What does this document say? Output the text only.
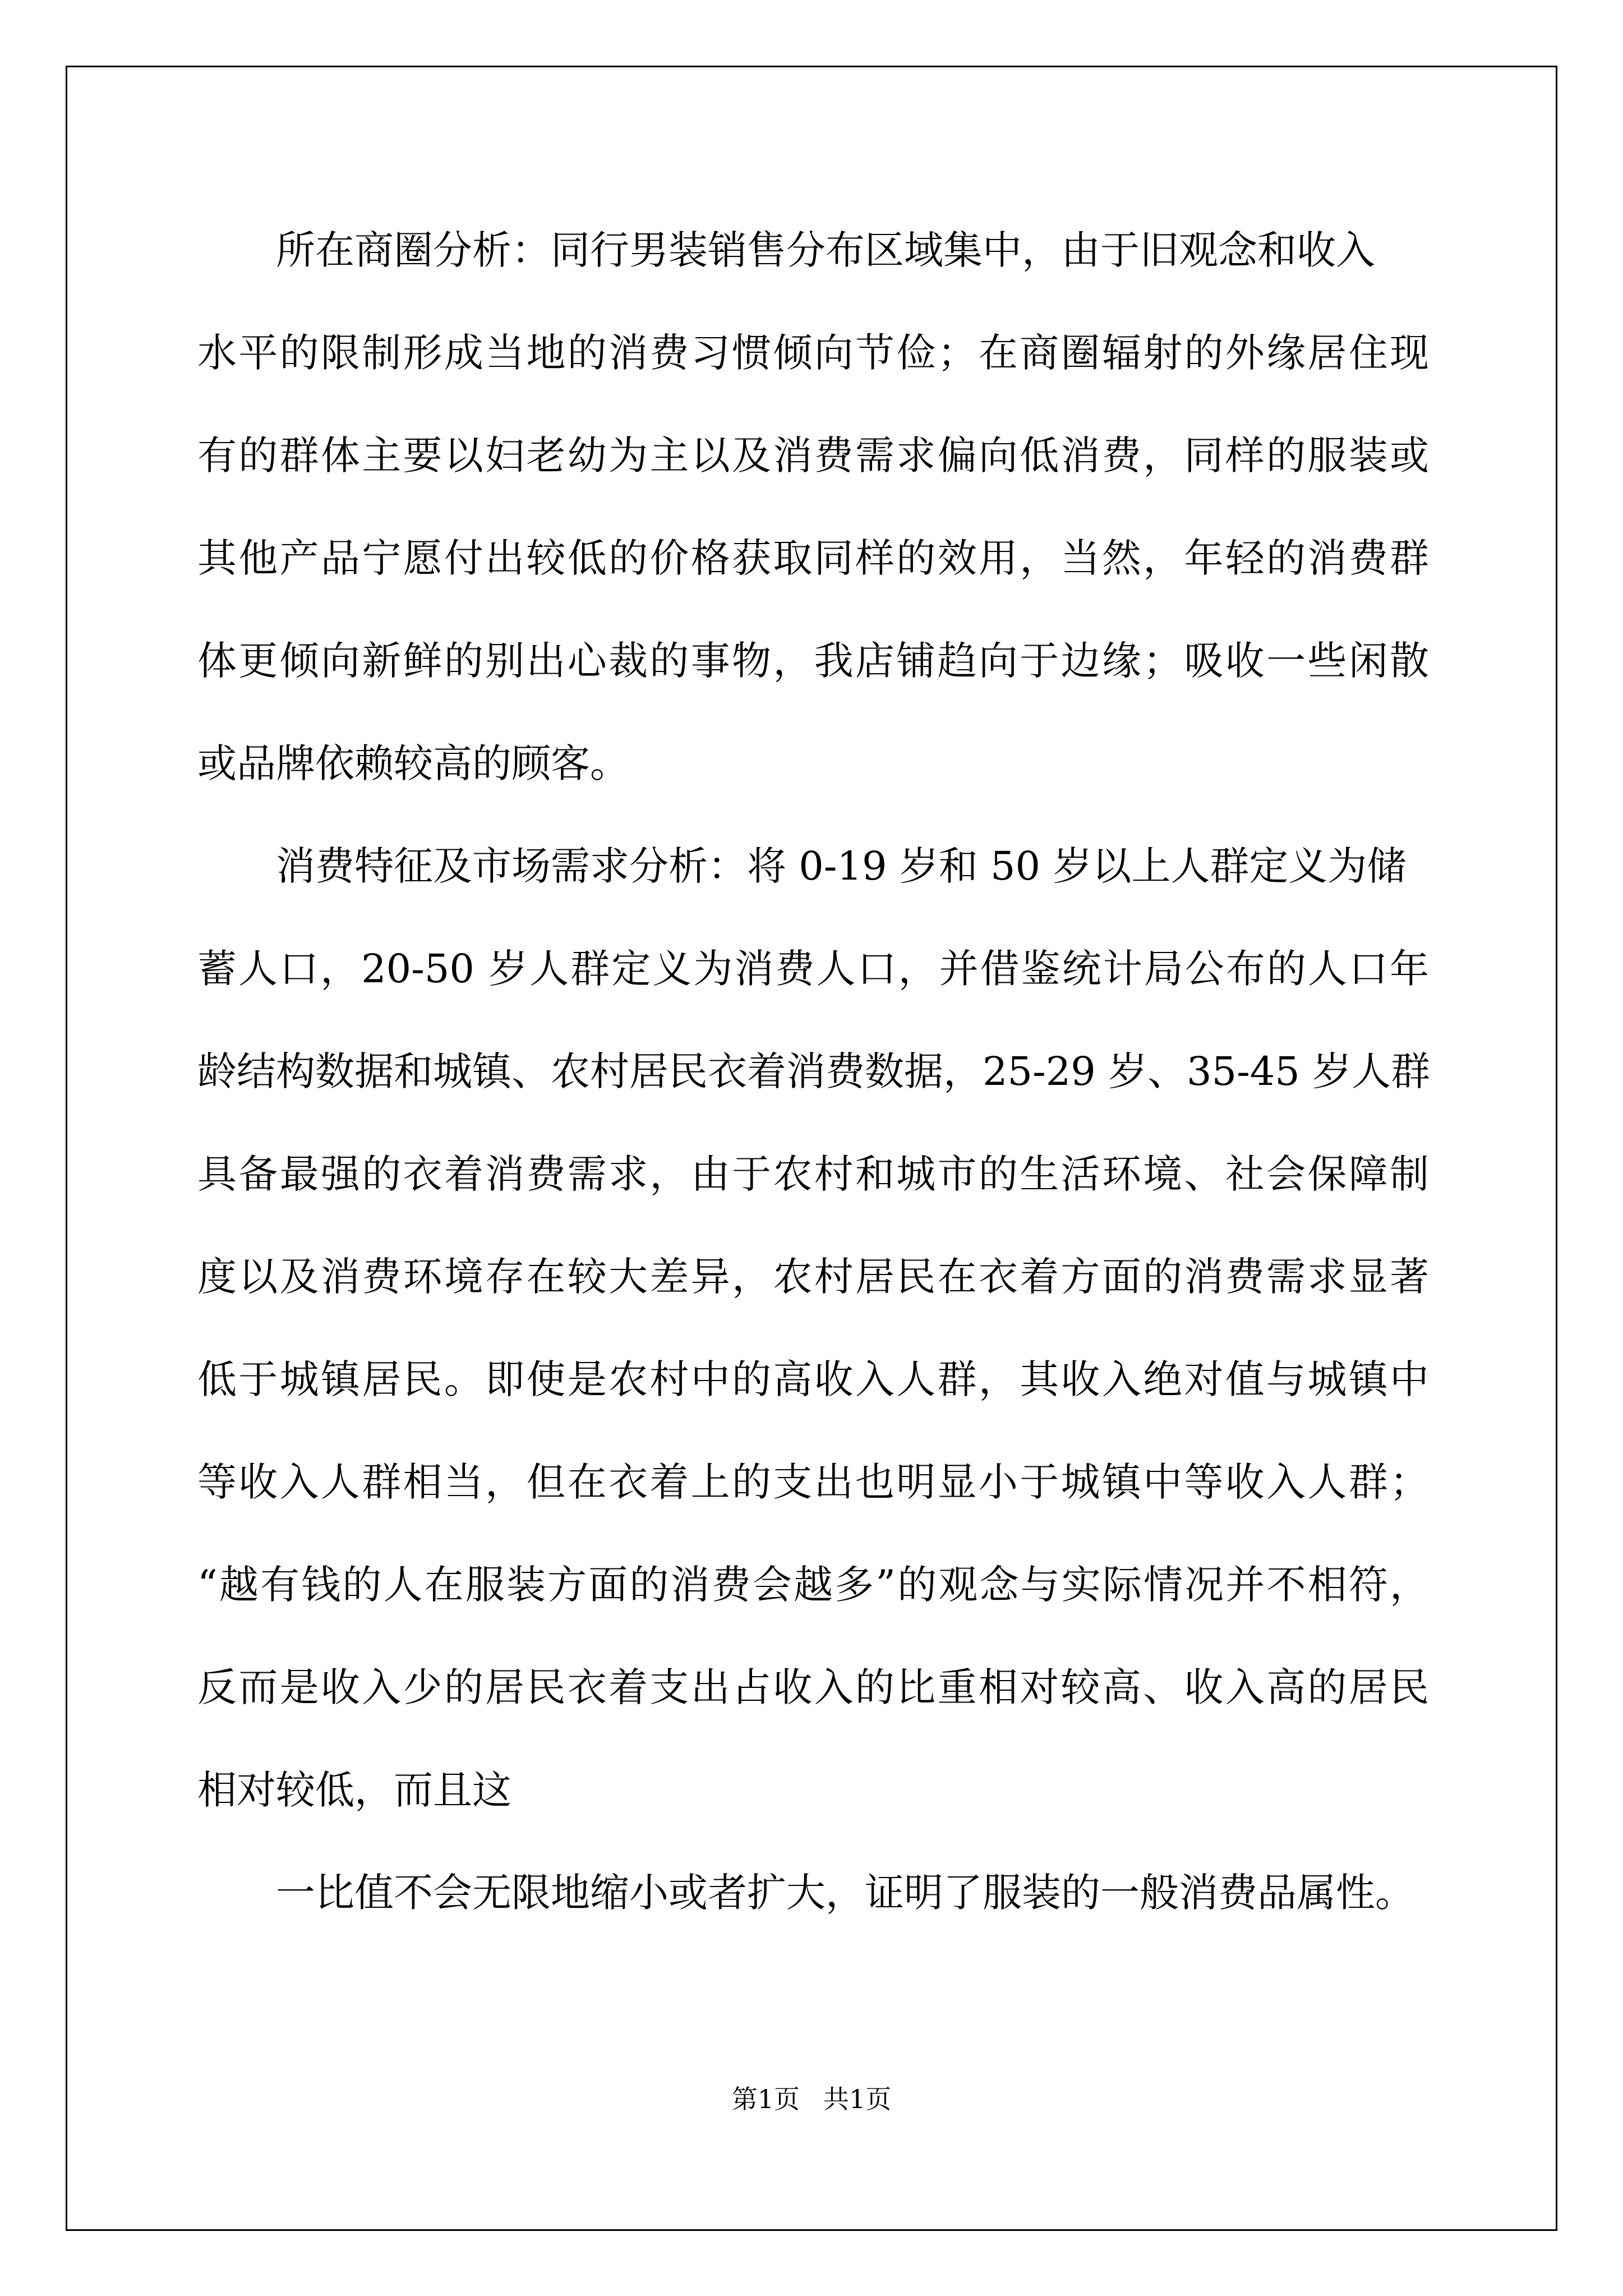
所在商圈分析：同行男装销售分布区域集中，由于旧观念和收入
水平的限制形成当地的消费习惯倾向节俭；在商圈辐射的外缘居住现
有的群体主要以妇老幼为主以及消费需求偏向低消费，同样的服装或
其他产品宁愿付出较低的价格获取同样的效用，当然，年轻的消费群
体更倾向新鲜的别出心裁的事物，我店铺趋向于边缘；吸收一些闲散
或品牌依赖较高的顾客。
消费特征及市场需求分析：将 0-19 岁和 50 岁以上人群定义为储
蓄人口，20-50 岁人群定义为消费人口，并借鉴统计局公布的人口年
龄结构数据和城镇、农村居民衣着消费数据，25-29 岁、35-45 岁人群
具备最强的衣着消费需求，由于农村和城市的生活环境、社会保障制
度以及消费环境存在较大差异，农村居民在衣着方面的消费需求显著
低于城镇居民。即使是农村中的高收入人群，其收入绝对值与城镇中
等收入人群相当，但在衣着上的支出也明显小于城镇中等收入人群；
“越有钱的人在服装方面的消费会越多”的观念与实际情况并不相符，
反而是收入少的居民衣着支出占收入的比重相对较高、收入高的居民
相对较低，而且这
一比值不会无限地缩小或者扩大，证明了服装的一般消费品属性。
第1页 共1页
